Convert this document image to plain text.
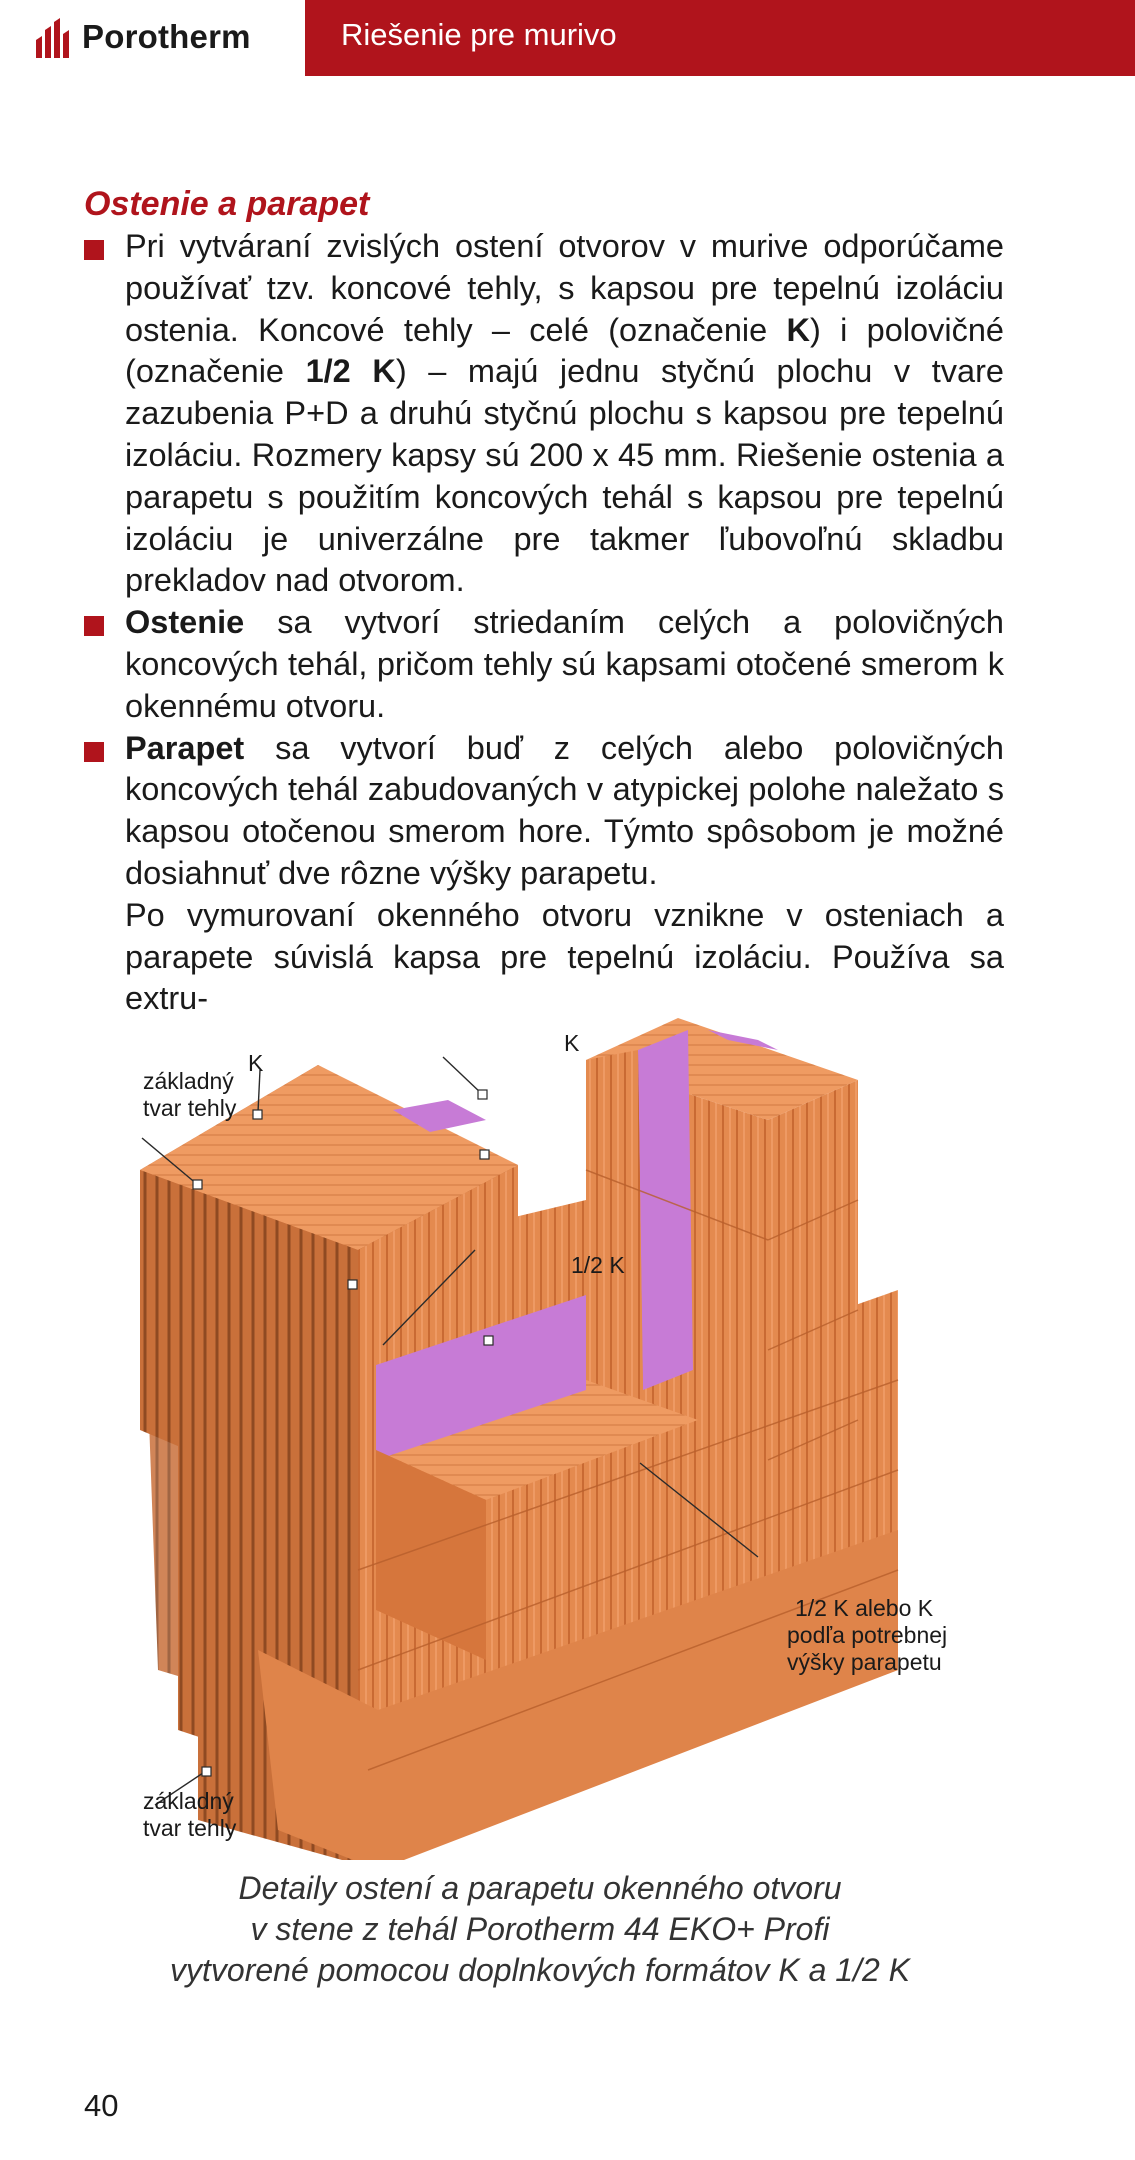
Porotherm	Riešenie pre murivo
Ostenie a parapet
Pri vytváraní zvislých ostení otvorov v murive odporúčame používať tzv. koncové tehly, s kapsou pre tepelnú izoláciu ostenia. Koncové tehly – celé (označenie K) i polovičné (označenie 1/2 K) – majú jednu styčnú plochu v tvare zazubenia P+D a druhú styčnú plochu s kapsou pre tepelnú izoláciu. Rozmery kapsy sú 200 x 45 mm. Riešenie ostenia a parapetu s použitím koncových tehál s kapsou pre tepelnú izoláciu je univerzálne pre takmer ľubovoľnú skladbu prekladov nad otvorom.
Ostenie sa vytvorí striedaním celých a polovičných koncových tehál, pričom tehly sú kapsami otočené smerom k okennému otvoru.
Parapet sa vytvorí buď z celých alebo polovičných koncových tehál zabudovaných v atypickej polohe naležato s kapsou otočenou smerom hore. Týmto spôsobom je možné dosiahnuť dve rôzne výšky parapetu.
Po vymurovaní okenného otvoru vznikne v osteniach a parapete súvislá kapsa pre tepelnú izoláciu. Používa sa extru-
základný tvar tehly
K
K
1/2 K
1/2 K alebo K
podľa potrebnej
výšky parapetu
základný tvar tehly
Detaily ostení a parapetu okenného otvoru
v stene z tehál Porotherm 44 EKO+ Profi
vytvorené pomocou doplnkových formátov K a 1/2 K
40
